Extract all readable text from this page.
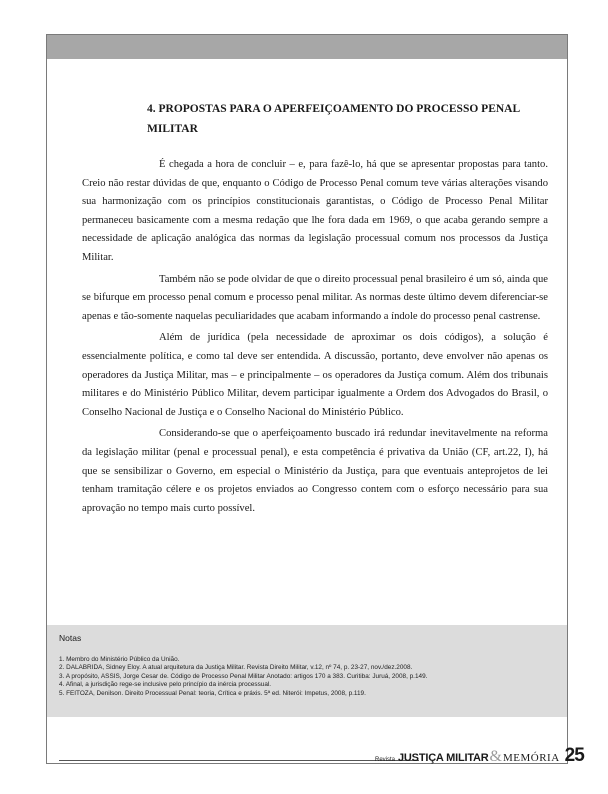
4. PROPOSTAS PARA O APERFEIÇOAMENTO DO PROCESSO PENAL MILITAR

É chegada a hora de concluir – e, para fazê-lo, há que se apresentar propostas para tanto. Creio não restar dúvidas de que, enquanto o Código de Processo Penal comum teve várias alterações visando sua harmonização com os princípios constitucionais garantistas, o Código de Processo Penal Militar permaneceu basicamente com a mesma redação que lhe fora dada em 1969, o que acaba gerando sempre a necessidade de aplicação analógica das normas da legislação processual comum nos processos da Justiça Militar.

Também não se pode olvidar de que o direito processual penal brasileiro é um só, ainda que se bifurque em processo penal comum e processo penal militar. As normas deste último devem diferenciar-se apenas e tão-somente naquelas peculiaridades que acabam informando a índole do processo penal castrense.

Além de jurídica (pela necessidade de aproximar os dois códigos), a solução é essencialmente política, e como tal deve ser entendida. A discussão, portanto, deve envolver não apenas os operadores da Justiça Militar, mas – e principalmente – os operadores da Justiça comum. Além dos tribunais militares e do Ministério Público Militar, devem participar igualmente a Ordem dos Advogados do Brasil, o Conselho Nacional de Justiça e o Conselho Nacional do Ministério Público.

Considerando-se que o aperfeiçoamento buscado irá redundar inevitavelmente na reforma da legislação militar (penal e processual penal), e esta competência é privativa da União (CF, art.22, I), há que se sensibilizar o Governo, em especial o Ministério da Justiça, para que eventuais anteprojetos de lei tenham tramitação célere e os projetos enviados ao Congresso contem com o esforço necessário para sua aprovação no tempo mais curto possível.

Notas
1. Membro do Ministério Público da União.
2. DALABRIDA, Sidney Eloy. A atual arquitetura da Justiça Militar. Revista Direito Militar, v.12, nº 74, p. 23-27, nov./dez.2008.
3. A propósito, ASSIS, Jorge Cesar de. Código de Processo Penal Militar Anotado: artigos 170 a 383. Curitiba: Juruá, 2008, p.149.
4. Afinal, a jurisdição rege-se inclusive pelo princípio da inércia processual.
5. FEITOZA, Denilson. Direito Processual Penal: teoria, Crítica e práxis. 5ª ed. Niterói: Impetus, 2008, p.119.
Revista JUSTIÇA MILITAR & MEMÓRIA 25
